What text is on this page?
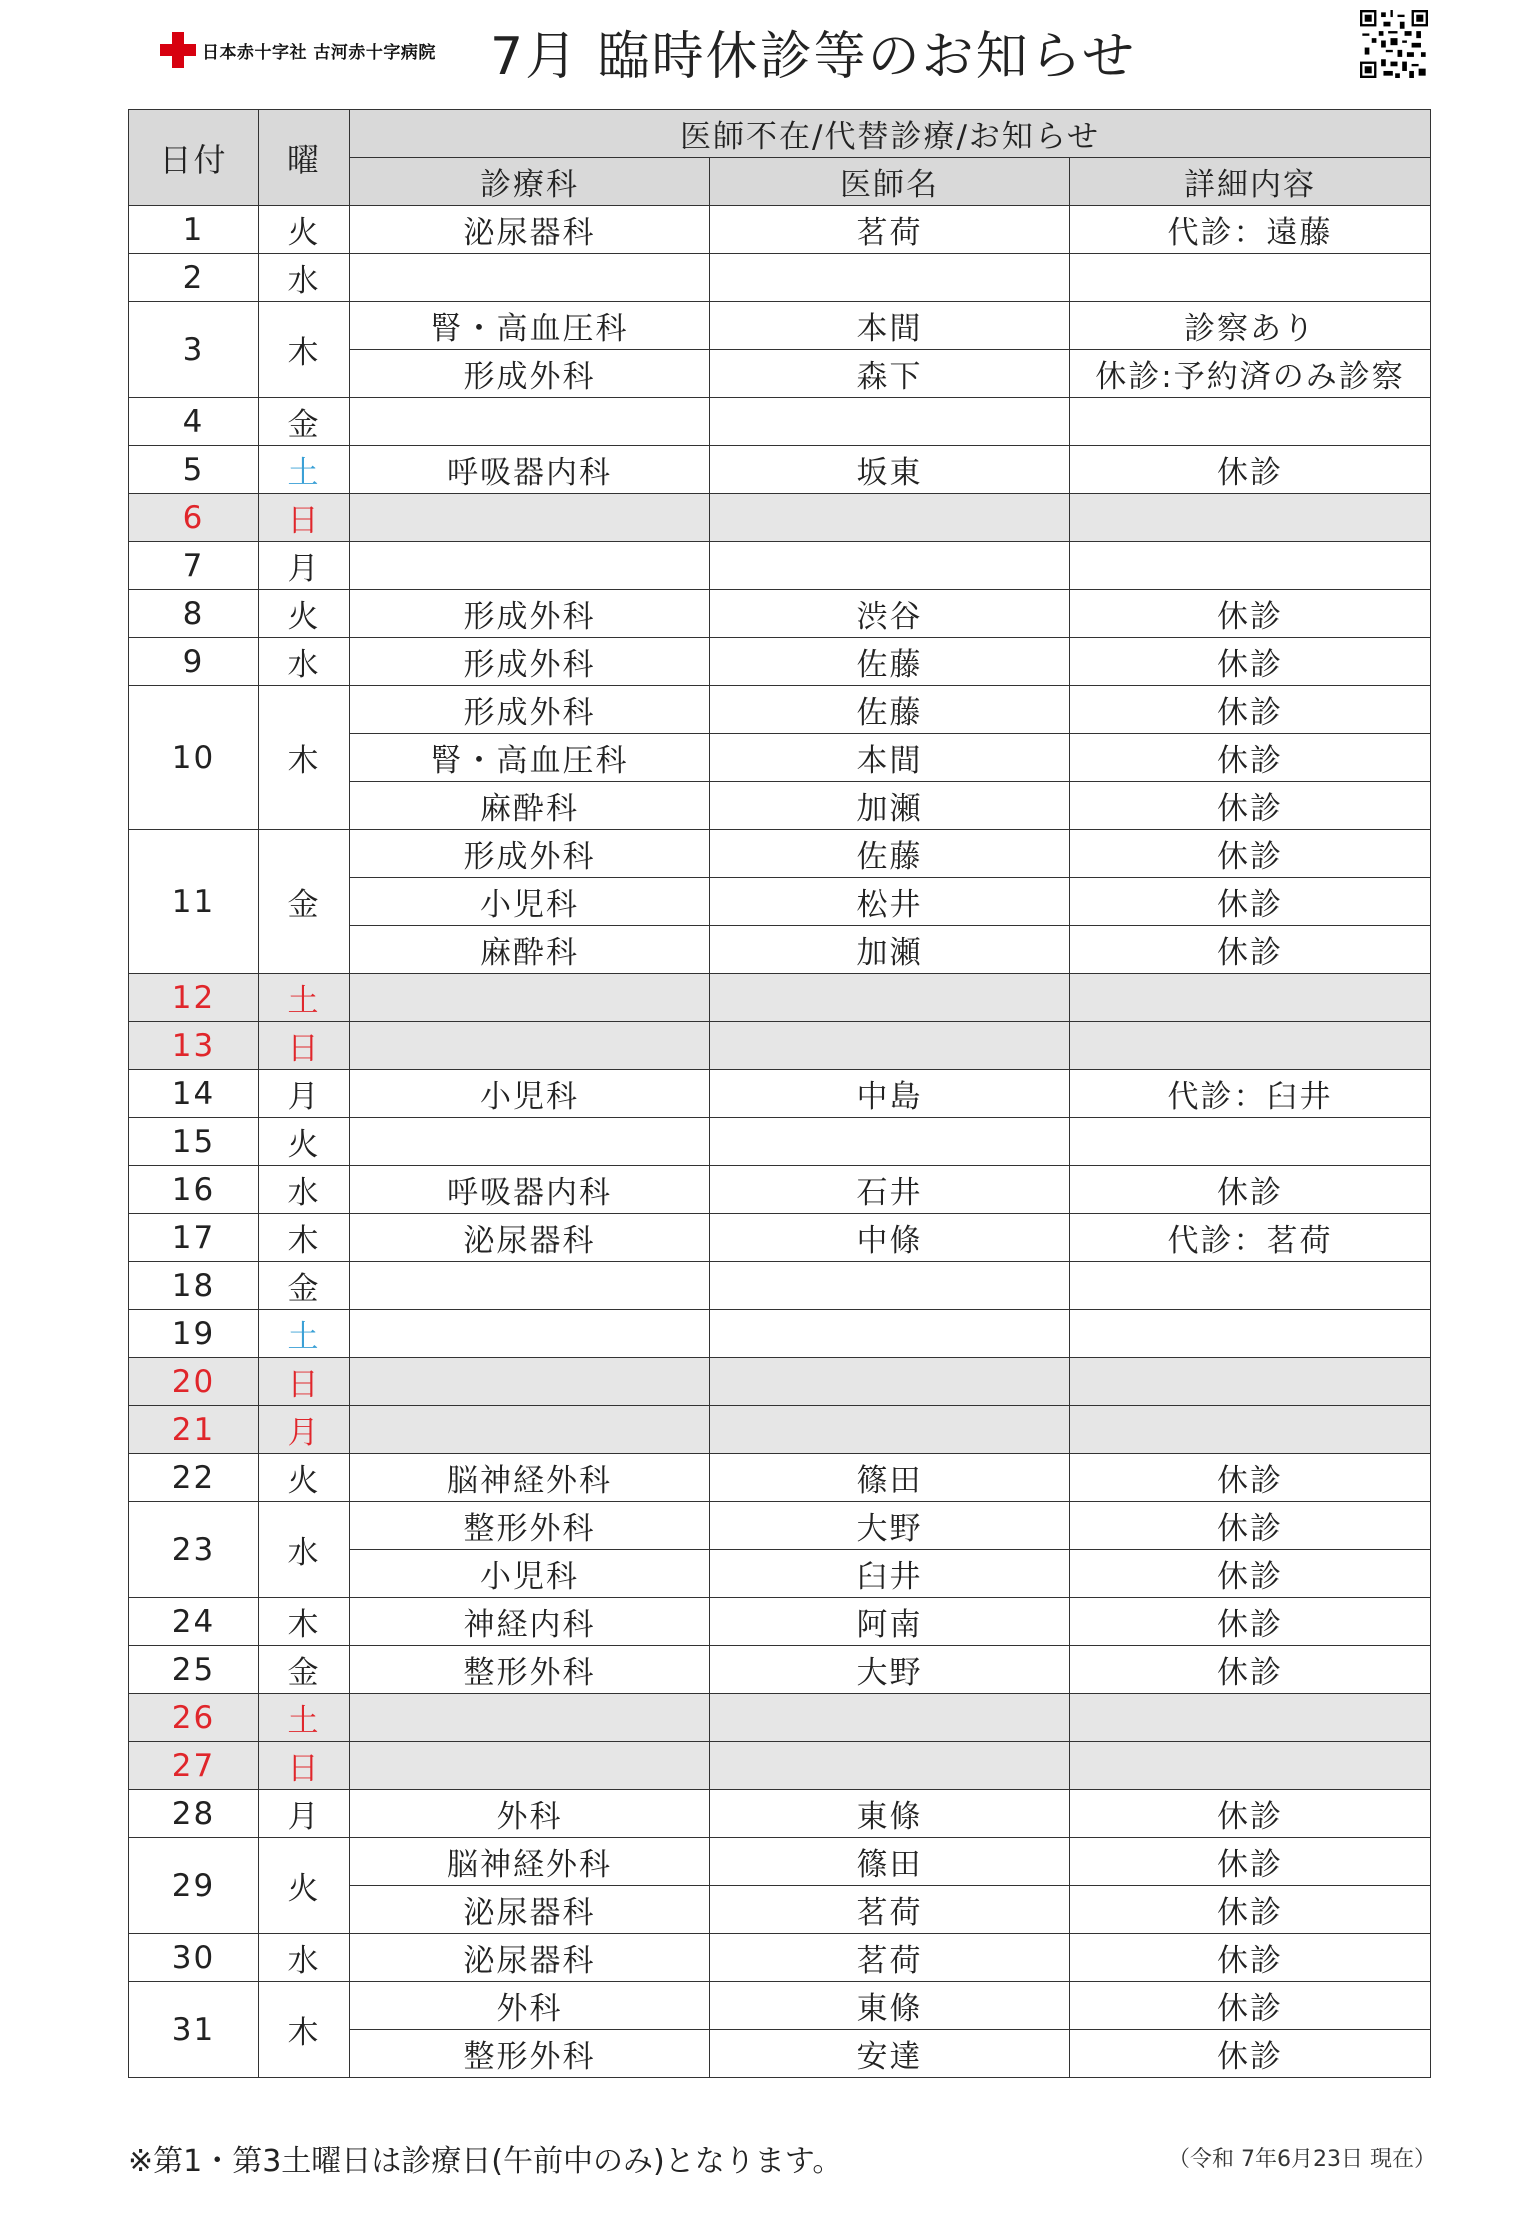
日本赤十字社 古河赤十字病院 7月 臨時休診等のお知らせ
日付	曜	医師不在/代替診療/お知らせ		
		診療科	医師名	詳細内容
1	火	泌尿器科	茗荷	代診：遠藤
2	水			
3	木	腎・高血圧科	本間	診察あり
		形成外科	森下	休診:予約済のみ診察
4	金			
5	土	呼吸器内科	坂東	休診
6	日			
7	月			
8	火	形成外科	渋谷	休診
9	水	形成外科	佐藤	休診
10	木	形成外科	佐藤	休診
		腎・高血圧科	本間	休診
		麻酔科	加瀬	休診
11	金	形成外科	佐藤	休診
		小児科	松井	休診
		麻酔科	加瀬	休診
12	土			
13	日			
14	月	小児科	中島	代診：臼井
15	火			
16	水	呼吸器内科	石井	休診
17	木	泌尿器科	中條	代診：茗荷
18	金			
19	土			
20	日			
21	月			
22	火	脳神経外科	篠田	休診
23	水	整形外科	大野	休診
		小児科	臼井	休診
24	木	神経内科	阿南	休診
25	金	整形外科	大野	休診
26	土			
27	日			
28	月	外科	東條	休診
29	火	脳神経外科	篠田	休診
		泌尿器科	茗荷	休診
30	水	泌尿器科	茗荷	休診
31	木	外科	東條	休診
		整形外科	安達	休診
※第1・第3土曜日は診療日(午前中のみ)となります。	（令和 7年6月23日 現在）
